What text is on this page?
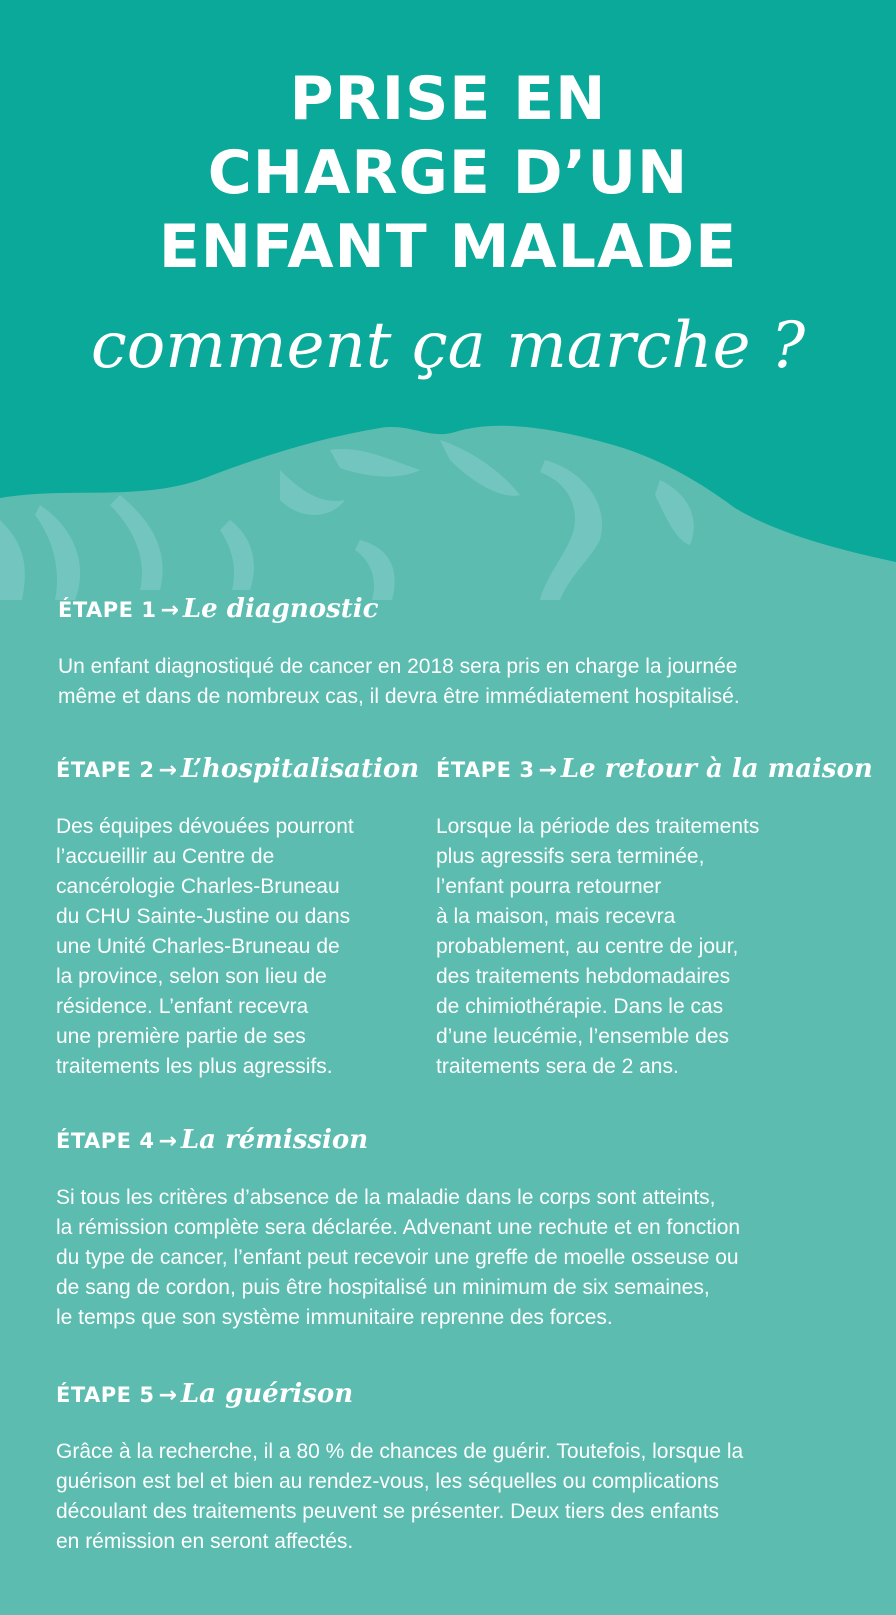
PRISE EN
CHARGE D’UN
ENFANT MALADE

comment ça marche ?

ÉTAPE 1 → Le diagnostic

Un enfant diagnostiqué de cancer en 2018 sera pris en charge la journée
même et dans de nombreux cas, il devra être immédiatement hospitalisé.

ÉTAPE 2 → L’hospitalisation

Des équipes dévouées pourront
l’accueillir au Centre de
cancérologie Charles-Bruneau
du CHU Sainte-Justine ou dans
une Unité Charles-Bruneau de
la province, selon son lieu de
résidence. L’enfant recevra
une première partie de ses
traitements les plus agressifs.

ÉTAPE 3 → Le retour à la maison

Lorsque la période des traitements
plus agressifs sera terminée,
l’enfant pourra retourner
à la maison, mais recevra
probablement, au centre de jour,
des traitements hebdomadaires
de chimiothérapie. Dans le cas
d’une leucémie, l’ensemble des
traitements sera de 2 ans.

ÉTAPE 4 → La rémission

Si tous les critères d’absence de la maladie dans le corps sont atteints,
la rémission complète sera déclarée. Advenant une rechute et en fonction
du type de cancer, l’enfant peut recevoir une greffe de moelle osseuse ou
de sang de cordon, puis être hospitalisé un minimum de six semaines,
le temps que son système immunitaire reprenne des forces.

ÉTAPE 5 → La guérison

Grâce à la recherche, il a 80 % de chances de guérir. Toutefois, lorsque la
guérison est bel et bien au rendez-vous, les séquelles ou complications
découlant des traitements peuvent se présenter. Deux tiers des enfants
en rémission en seront affectés.
